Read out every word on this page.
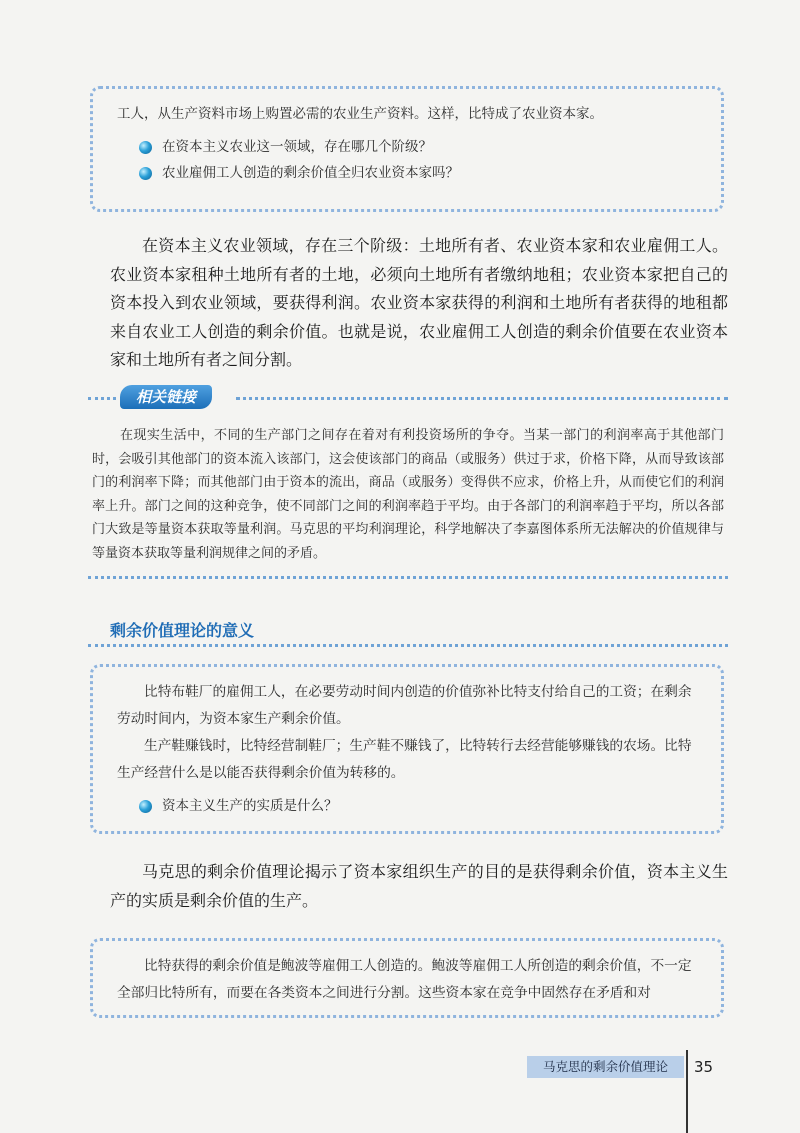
工人，从生产资料市场上购置必需的农业生产资料。这样，比特成了农业资本家。

在资本主义农业这一领域，存在哪几个阶级？
农业雇佣工人创造的剩余价值全归农业资本家吗？

在资本主义农业领域，存在三个阶级：土地所有者、农业资本家和农业雇佣工人。农业资本家租种土地所有者的土地，必须向土地所有者缴纳地租；农业资本家把自己的资本投入到农业领域，要获得利润。农业资本家获得的利润和土地所有者获得的地租都来自农业工人创造的剩余价值。也就是说，农业雇佣工人创造的剩余价值要在农业资本家和土地所有者之间分割。

相关链接

在现实生活中，不同的生产部门之间存在着对有利投资场所的争夺。当某一部门的利润率高于其他部门时，会吸引其他部门的资本流入该部门，这会使该部门的商品（或服务）供过于求，价格下降，从而导致该部门的利润率下降；而其他部门由于资本的流出，商品（或服务）变得供不应求，价格上升，从而使它们的利润率上升。部门之间的这种竞争，使不同部门之间的利润率趋于平均。由于各部门的利润率趋于平均，所以各部门大致是等量资本获取等量利润。马克思的平均利润理论，科学地解决了李嘉图体系所无法解决的价值规律与等量资本获取等量利润规律之间的矛盾。

剩余价值理论的意义

比特布鞋厂的雇佣工人，在必要劳动时间内创造的价值弥补比特支付给自己的工资；在剩余劳动时间内，为资本家生产剩余价值。

生产鞋赚钱时，比特经营制鞋厂；生产鞋不赚钱了，比特转行去经营能够赚钱的农场。比特生产经营什么是以能否获得剩余价值为转移的。

资本主义生产的实质是什么？

马克思的剩余价值理论揭示了资本家组织生产的目的是获得剩余价值，资本主义生产的实质是剩余价值的生产。

比特获得的剩余价值是鲍波等雇佣工人创造的。鲍波等雇佣工人所创造的剩余价值，不一定全部归比特所有，而要在各类资本之间进行分割。这些资本家在竞争中固然存在矛盾和对

马克思的剩余价值理论	35
